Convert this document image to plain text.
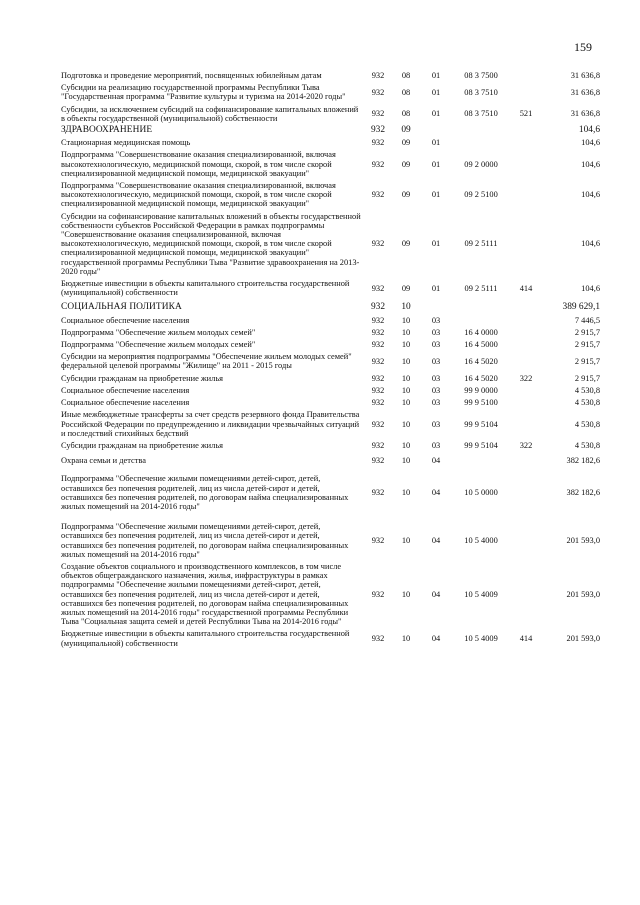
159
Подготовка и проведение мероприятий, посвященных юбилейным датам	932	08	01	08 3 7500		31 636,8
Субсидии на реализацию государственной программы Республики Тыва "Государственная программа "Развитие культуры и туризма на 2014-2020 годы"	932	08	01	08 3 7510		31 636,8
Субсидии, за исключением субсидий на софинансирование капитальных вложений в объекты государственной (муниципальной) собственности	932	08	01	08 3 7510	521	31 636,8
ЗДРАВООХРАНЕНИЕ	932	09				104,6
Стационарная медицинская помощь	932	09	01			104,6
Подпрограмма "Совершенствование оказания специализированной, включая высокотехнологическую, медицинской помощи, скорой, в том числе скорой специализированной медицинской помощи, медицинской эвакуации"	932	09	01	09 2 0000		104,6
Подпрограмма "Совершенствование оказания специализированной, включая высокотехнологическую, медицинской помощи, скорой, в том числе скорой специализированной медицинской помощи, медицинской эвакуации"	932	09	01	09 2 5100		104,6
Субсидии на софинансирование капитальных вложений в объекты государственной собственности субъектов Российской Федерации в рамках подпрограммы "Совершенствование оказания специализированной, включая высокотехнологическую, медицинской помощи, скорой, в том числе скорой специализированной медицинской помощи, медицинской эвакуации" государственной программы Республики Тыва "Развитие здравоохранения на 2013-2020 годы"	932	09	01	09 2 5111		104,6
Бюджетные инвестиции в объекты капитального строительства государственной (муниципальной) собственности	932	09	01	09 2 5111	414	104,6
СОЦИАЛЬНАЯ ПОЛИТИКА	932	10				389 629,1
Социальное обеспечение населения	932	10	03			7 446,5
Подпрограмма "Обеспечение жильем молодых семей"	932	10	03	16 4 0000		2 915,7
Подпрограмма "Обеспечение жильем молодых семей"	932	10	03	16 4 5000		2 915,7
Субсидии на мероприятия подпрограммы "Обеспечение жильем молодых семей" федеральной целевой программы "Жилище" на 2011 - 2015 годы	932	10	03	16 4 5020		2 915,7
Субсидии гражданам на приобретение жилья	932	10	03	16 4 5020	322	2 915,7
Социальное обеспечение населения	932	10	03	99 9 0000		4 530,8
Социальное обеспечение населения	932	10	03	99 9 5100		4 530,8
Иные межбюджетные трансферты за счет средств резервного фонда Правительства Российской Федерации по предупреждению и ликвидации чрезвычайных ситуаций и последствий стихийных бедствий	932	10	03	99 9 5104		4 530,8
Субсидии гражданам на приобретение жилья	932	10	03	99 9 5104	322	4 530,8
Охрана семьи и детства	932	10	04			382 182,6
Подпрограмма "Обеспечение жилыми помещениями детей-сирот, детей, оставшихся без попечения родителей, лиц из числа детей-сирот и детей, оставшихся без попечения родителей, по договорам найма специализированных жилых помещений на 2014-2016 годы"	932	10	04	10 5 0000		382 182,6
Подпрограмма "Обеспечение жилыми помещениями детей-сирот, детей, оставшихся без попечения родителей, лиц из числа детей-сирот и детей, оставшихся без попечения родителей, по договорам найма специализированных жилых помещений на 2014-2016 годы"	932	10	04	10 5 4000		201 593,0
Создание объектов социального и производственного комплексов, в том числе объектов общегражданского назначения, жилья, инфраструктуры в рамках подпрограммы "Обеспечение жилыми помещениями детей-сирот, детей, оставшихся без попечения родителей, лиц из числа детей-сирот и детей, оставшихся без попечения родителей, по договорам найма специализированных жилых помещений на 2014-2016 годы" государственной программы Республики Тыва "Социальная защита семей и детей Республики Тыва на 2014-2016 годы"	932	10	04	10 5 4009		201 593,0
Бюджетные инвестиции в объекты капитального строительства государственной (муниципальной) собственности	932	10	04	10 5 4009	414	201 593,0
